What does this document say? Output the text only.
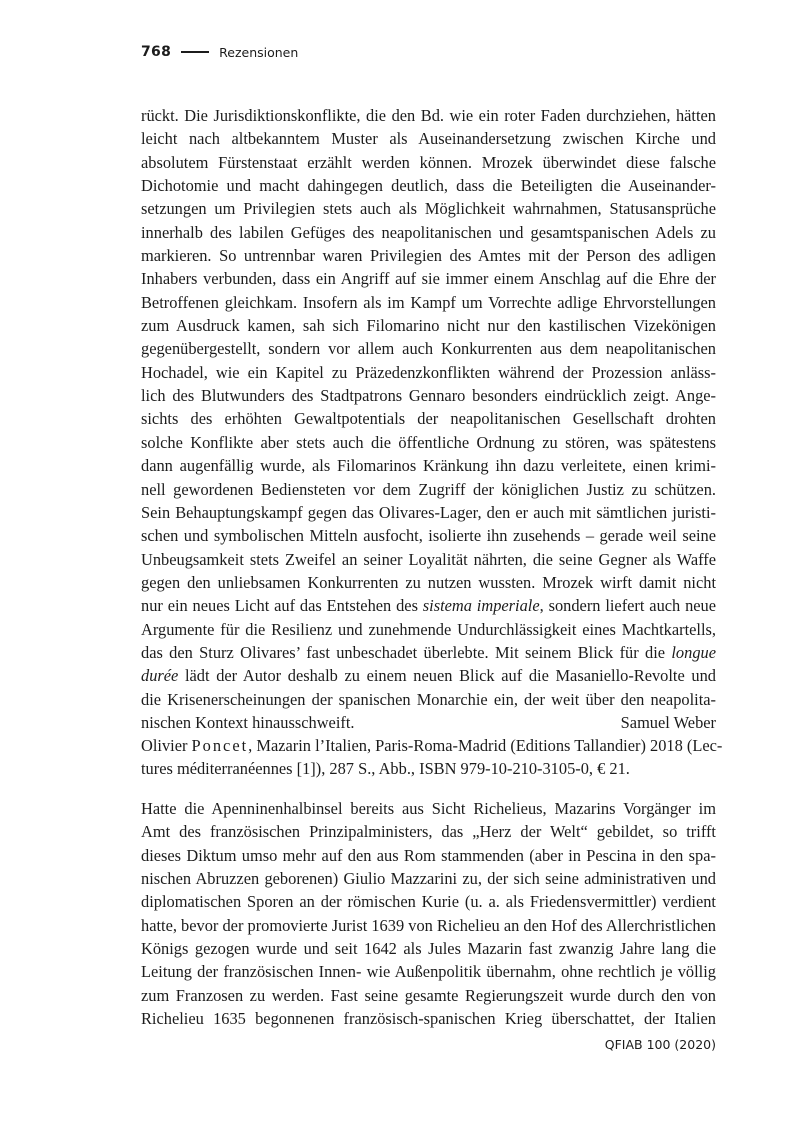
768	Rezensionen
rückt. Die Jurisdiktionskonflikte, die den Bd. wie ein roter Faden durchziehen, hätten
leicht nach altbekanntem Muster als Auseinandersetzung zwischen Kirche und
absolutem Fürstenstaat erzählt werden können. Mrozek überwindet diese falsche
Dichotomie und macht dahingegen deutlich, dass die Beteiligten die Auseinander-
setzungen um Privilegien stets auch als Möglichkeit wahrnahmen, Statusansprüche
innerhalb des labilen Gefüges des neapolitanischen und gesamtspanischen Adels zu
markieren. So untrennbar waren Privilegien des Amtes mit der Person des adligen
Inhabers verbunden, dass ein Angriff auf sie immer einem Anschlag auf die Ehre der
Betroffenen gleichkam. Insofern als im Kampf um Vorrechte adlige Ehrvorstellungen
zum Ausdruck kamen, sah sich Filomarino nicht nur den kastilischen Vizekönigen
gegenübergestellt, sondern vor allem auch Konkurrenten aus dem neapolitanischen
Hochadel, wie ein Kapitel zu Präzedenzkonflikten während der Prozession anläss-
lich des Blutwunders des Stadtpatrons Gennaro besonders eindrücklich zeigt. Ange-
sichts des erhöhten Gewaltpotentials der neapolitanischen Gesellschaft drohten
solche Konflikte aber stets auch die öffentliche Ordnung zu stören, was spätestens
dann augenfällig wurde, als Filomarinos Kränkung ihn dazu verleitete, einen krimi-
nell gewordenen Bediensteten vor dem Zugriff der königlichen Justiz zu schützen.
Sein Behauptungskampf gegen das Olivares-Lager, den er auch mit sämtlichen juristi-
schen und symbolischen Mitteln ausfocht, isolierte ihn zusehends – gerade weil seine
Unbeugsamkeit stets Zweifel an seiner Loyalität nährten, die seine Gegner als Waffe
gegen den unliebsamen Konkurrenten zu nutzen wussten. Mrozek wirft damit nicht
nur ein neues Licht auf das Entstehen des sistema imperiale, sondern liefert auch neue
Argumente für die Resilienz und zunehmende Undurchlässigkeit eines Machtkartells,
das den Sturz Olivares’ fast unbeschadet überlebte. Mit seinem Blick für die longue
durée lädt der Autor deshalb zu einem neuen Blick auf die Masaniello-Revolte und
die Krisenerscheinungen der spanischen Monarchie ein, der weit über den neapolita-
nischen Kontext hinausschweift.	Samuel Weber
Olivier Poncet, Mazarin l’Italien, Paris-Roma-Madrid (Editions Tallandier) 2018 (Lec-
tures méditerranéennes [1]), 287 S., Abb., ISBN 979-10-210-3105-0, € 21.
Hatte die Apenninenhalbinsel bereits aus Sicht Richelieus, Mazarins Vorgänger im
Amt des französischen Prinzipalministers, das „Herz der Welt“ gebildet, so trifft
dieses Diktum umso mehr auf den aus Rom stammenden (aber in Pescina in den spa-
nischen Abruzzen geborenen) Giulio Mazzarini zu, der sich seine administrativen und
diplomatischen Sporen an der römischen Kurie (u. a. als Friedensvermittler) verdient
hatte, bevor der promovierte Jurist 1639 von Richelieu an den Hof des Allerchristlichen
Königs gezogen wurde und seit 1642 als Jules Mazarin fast zwanzig Jahre lang die
Leitung der französischen Innen- wie Außenpolitik übernahm, ohne rechtlich je völlig
zum Franzosen zu werden. Fast seine gesamte Regierungszeit wurde durch den von
Richelieu 1635 begonnenen französisch-spanischen Krieg überschattet, der Italien
QFIAB 100 (2020)
